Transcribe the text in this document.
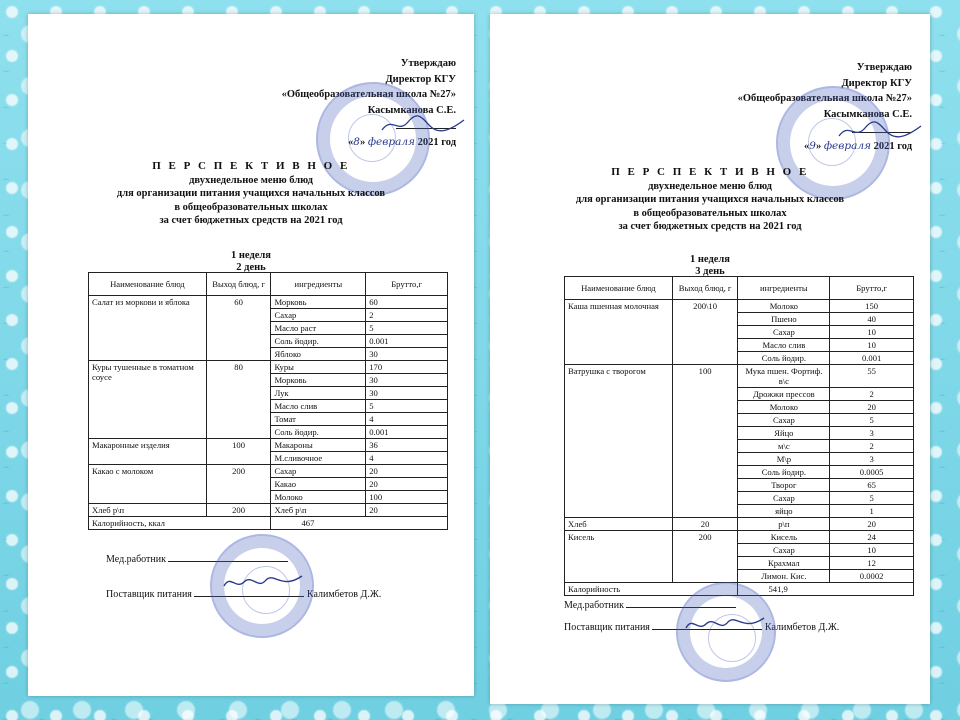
Утверждаю
Директор КГУ
«Общеобразовательная школа №27»
Касымканова С.Е.
«8» февраля 2021 год
П Е Р С П Е К Т И В Н О Е
двухнедельное меню блюд
для организации питания учащихся начальных классов
в общеобразовательных школах
за счет бюджетных средств на 2021 год
1 неделя
2 день
Наименование блюд	Выход блюд, г	ингредиенты	Брутто,г
Салат из моркови и яблока	60	Морковь	60
		Сахар	2
		Масло раст	5
		Соль йодир.	0.001
		Яблоко	30
Куры тушенные в томатном соусе	80	Куры	170
		Морковь	30
		Лук	30
		Масло слив	5
		Томат	4
		Соль йодир.	0.001
Макаронные изделия	100	Макароны	36
		М.сливочное	4
Какао с молоком	200	Сахар	20
		Какао	20
		Молоко	100
Хлеб р\п	200	Хлеб р\п	20
Калорийность, ккал		467	
Мед.работник
Поставщик питания	Калимбетов Д.Ж.
Утверждаю
Директор КГУ
«Общеобразовательная школа №27»
Касымканова С.Е.
«9» февраля 2021 год
П Е Р С П Е К Т И В Н О Е
двухнедельное меню блюд
для организации питания учащихся начальных классов
в общеобразовательных школах
за счет бюджетных средств на 2021 год
1 неделя
3 день
Наименование блюд	Выход блюд, г	ингредиенты	Брутто,г
Каша пшенная молочная	200\10	Молоко	150
		Пшено	40
		Сахар	10
		Масло слив	10
		Соль йодир.	0.001
Ватрушка с творогом	100	Мука пшен. Фортиф. в\с	55
		Дрожжи прессов	2
		Молоко	20
		Сахар	5
		Яйцо	3
		м\с	2
		М\р	3
		Соль йодир.	0.0005
		Творог	65
		Сахар	5
		яйцо	1
Хлеб	20	р\п	20
Кисель	200	Кисель	24
		Сахар	10
		Крахмал	12
		Лимон. Кис.	0.0002
Калорийность		541,9	
Мед.работник
Поставщик питания	Калимбетов Д.Ж.
